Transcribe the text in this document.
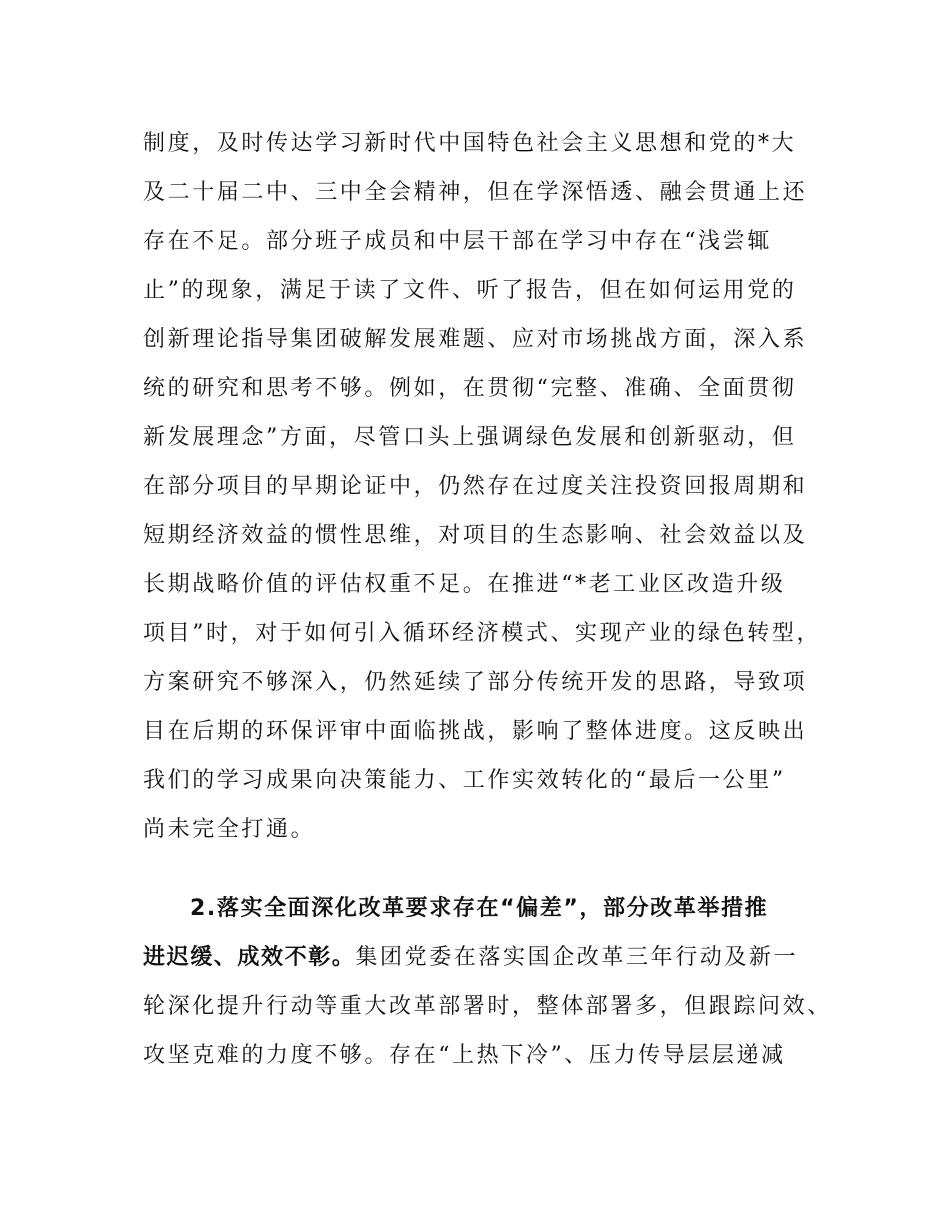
制度，及时传达学习新时代中国特色社会主义思想和党的*大
及二十届二中、三中全会精神，但在学深悟透、融会贯通上还
存在不足。部分班子成员和中层干部在学习中存在“浅尝辄
止”的现象，满足于读了文件、听了报告，但在如何运用党的
创新理论指导集团破解发展难题、应对市场挑战方面，深入系
统的研究和思考不够。例如，在贯彻“完整、准确、全面贯彻
新发展理念”方面，尽管口头上强调绿色发展和创新驱动，但
在部分项目的早期论证中，仍然存在过度关注投资回报周期和
短期经济效益的惯性思维，对项目的生态影响、社会效益以及
长期战略价值的评估权重不足。在推进“*老工业区改造升级
项目”时，对于如何引入循环经济模式、实现产业的绿色转型，
方案研究不够深入，仍然延续了部分传统开发的思路，导致项
目在后期的环保评审中面临挑战，影响了整体进度。这反映出
我们的学习成果向决策能力、工作实效转化的“最后一公里”
尚未完全打通。
2.落实全面深化改革要求存在“偏差”，部分改革举措推
进迟缓、成效不彰。集团党委在落实国企改革三年行动及新一
轮深化提升行动等重大改革部署时，整体部署多，但跟踪问效、
攻坚克难的力度不够。存在“上热下冷”、压力传导层层递减
